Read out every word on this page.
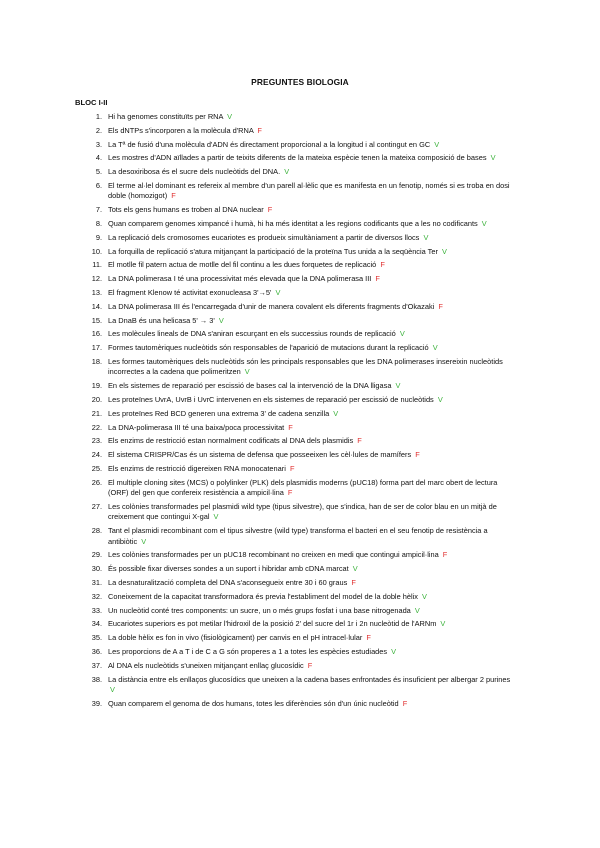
PREGUNTES BIOLOGIA
BLOC I-II
1. Hi ha genomes constituïts per RNA V
2. Els dNTPs s'incorporen a la molècula d'RNA F
3. La Tª de fusió d'una molècula d'ADN és directament proporcional a la longitud i al contingut en GC V
4. Les mostres d'ADN aïllades a partir de teixits diferents de la mateixa espècie tenen la mateixa composició de bases V
5. La desoxiribosa és el sucre dels nucleòtids del DNA. V
6. El terme al·lel dominant es refereix al membre d'un parell al·lèlic que es manifesta en un fenotip, només si es troba en dosi doble (homozigot) F
7. Tots els gens humans es troben al DNA nuclear F
8. Quan comparem genomes ximpancé i humà, hi ha més identitat a les regions codificants que a les no codificants V
9. La replicació dels cromosomes eucariotes es produeix simultàniament a partir de diversos llocs V
10. La forquilla de replicació s'atura mitjançant la participació de la proteïna Tus unida a la seqüència Ter V
11. El motlle fil patern actua de motlle del fil continu a les dues forquetes de replicació F
12. La DNA polimerasa I té una processivitat més elevada que la DNA polimerasa III F
13. El fragment Klenow té activitat exonucleasa 3'→5' V
14. La DNA polimerasa III és l'encarregada d'unir de manera covalent els diferents fragments d'Okazaki F
15. La DnaB és una helicasa 5' → 3' V
16. Les molècules lineals de DNA s'aniran escurçant en els successius rounds de replicació V
17. Formes tautomèriques nucleòtids són responsables de l'aparició de mutacions durant la replicació V
18. Les formes tautomèriques dels nucleòtids són les principals responsables que les DNA polimerases insereixin nucleòtids incorrectes a la cadena que polimeritzen V
19. En els sistemes de reparació per escissió de bases cal la intervenció de la DNA lligasa V
20. Les proteïnes UvrA, UvrB i UvrC intervenen en els sistemes de reparació per escissió de nucleòtids V
21. Les proteïnes Red BCD generen una extrema 3' de cadena senzilla V
22. La DNA-polimerasa III té una baixa/poca processivitat F
23. Els enzims de restricció estan normalment codificats al DNA dels plasmidis F
24. El sistema CRISPR/Cas és un sistema de defensa que posseeixen les cèl·lules de mamífers F
25. Els enzims de restricció digereixen RNA monocatenari F
26. El multiple cloning sites (MCS) o polylinker (PLK) dels plasmidis moderns (pUC18) forma part del marc obert de lectura (ORF) del gen que confereix resistència a ampicil·lina F
27. Les colònies transformades pel plasmidi wild type (tipus silvestre), que s'indica, han de ser de color blau en un mitjà de creixement que contingui X-gal V
28. Tant el plasmidi recombinant com el tipus silvestre (wild type) transforma el bacteri en el seu fenotip de resistència a antibiòtic V
29. Les colònies transformades per un pUC18 recombinant no creixen en medi que contingui ampicil·lina F
30. És possible fixar diverses sondes a un suport i hibridar amb cDNA marcat V
31. La desnaturalització completa del DNA s'aconsegueix entre 30 i 60 graus F
32. Coneixement de la capacitat transformadora és previa l'establiment del model de la doble hèlix V
33. Un nucleòtid conté tres components: un sucre, un o més grups fosfat i una base nitrogenada V
34. Eucariotes superiors es pot metilar l'hidroxil de la posició 2' del sucre del 1r i 2n nucleòtid de l'ARNm V
35. La doble hèlix es fon in vivo (fisiològicament) per canvis en el pH intracel·lular F
36. Les proporcions de A a T i de C a G són properes a 1 a totes les espècies estudiades V
37. Al DNA els nucleòtids s'uneixen mitjançant enllaç glucosídic F
38. La distància entre els enllaços glucosídics que uneixen a la cadena bases enfrontades és insuficient per albergar 2 purines V
39. Quan comparem el genoma de dos humans, totes les diferències són d'un únic nucleòtid F
